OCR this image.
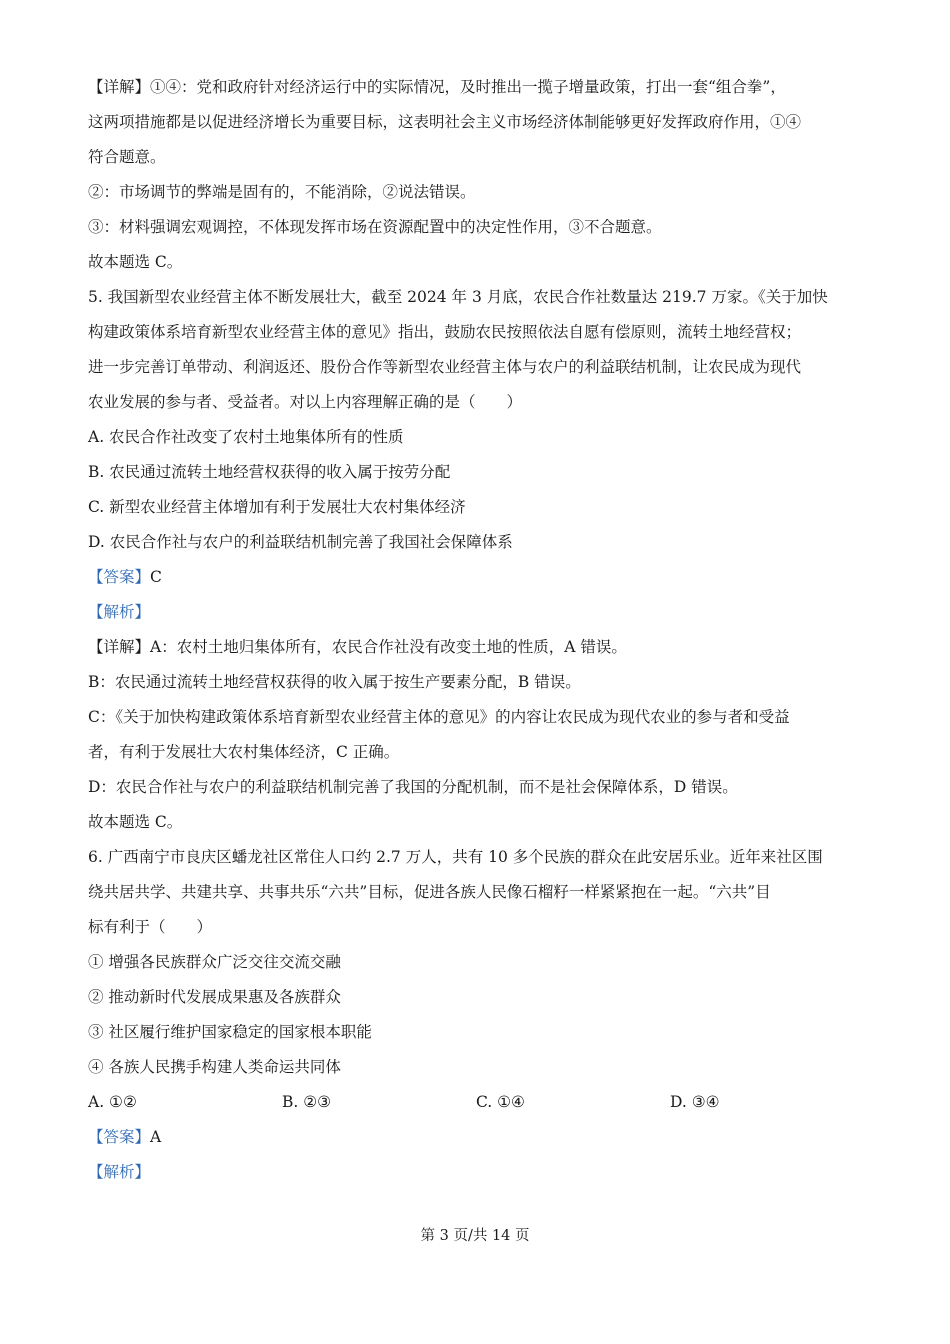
【详解】①④：党和政府针对经济运行中的实际情况，及时推出一揽子增量政策，打出一套“组合拳”，
这两项措施都是以促进经济增长为重要目标，这表明社会主义市场经济体制能够更好发挥政府作用，①④
符合题意。
②：市场调节的弊端是固有的，不能消除，②说法错误。
③：材料强调宏观调控，不体现发挥市场在资源配置中的决定性作用，③不合题意。
故本题选 C。
5. 我国新型农业经营主体不断发展壮大，截至 2024 年 3 月底，农民合作社数量达 219.7 万家。《关于加快
构建政策体系培育新型农业经营主体的意见》指出，鼓励农民按照依法自愿有偿原则，流转土地经营权；
进一步完善订单带动、利润返还、股份合作等新型农业经营主体与农户的利益联结机制，让农民成为现代
农业发展的参与者、受益者。对以上内容理解正确的是（　　）
A. 农民合作社改变了农村土地集体所有的性质
B. 农民通过流转土地经营权获得的收入属于按劳分配
C. 新型农业经营主体增加有利于发展壮大农村集体经济
D. 农民合作社与农户的利益联结机制完善了我国社会保障体系
【答案】C
【解析】
【详解】A：农村土地归集体所有，农民合作社没有改变土地的性质，A 错误。
B：农民通过流转土地经营权获得的收入属于按生产要素分配，B 错误。
C：《关于加快构建政策体系培育新型农业经营主体的意见》的内容让农民成为现代农业的参与者和受益
者，有利于发展壮大农村集体经济，C 正确。
D：农民合作社与农户的利益联结机制完善了我国的分配机制，而不是社会保障体系，D 错误。
故本题选 C。
6. 广西南宁市良庆区蟠龙社区常住人口约 2.7 万人，共有 10 多个民族的群众在此安居乐业。近年来社区围
绕共居共学、共建共享、共事共乐“六共”目标，促进各族人民像石榴籽一样紧紧抱在一起。“六共”目
标有利于（　　）
① 增强各民族群众广泛交往交流交融
② 推动新时代发展成果惠及各族群众
③ 社区履行维护国家稳定的国家根本职能
④ 各族人民携手构建人类命运共同体
A. ①②	B. ②③	C. ①④	D. ③④
【答案】A
【解析】
第 3 页/共 14 页
